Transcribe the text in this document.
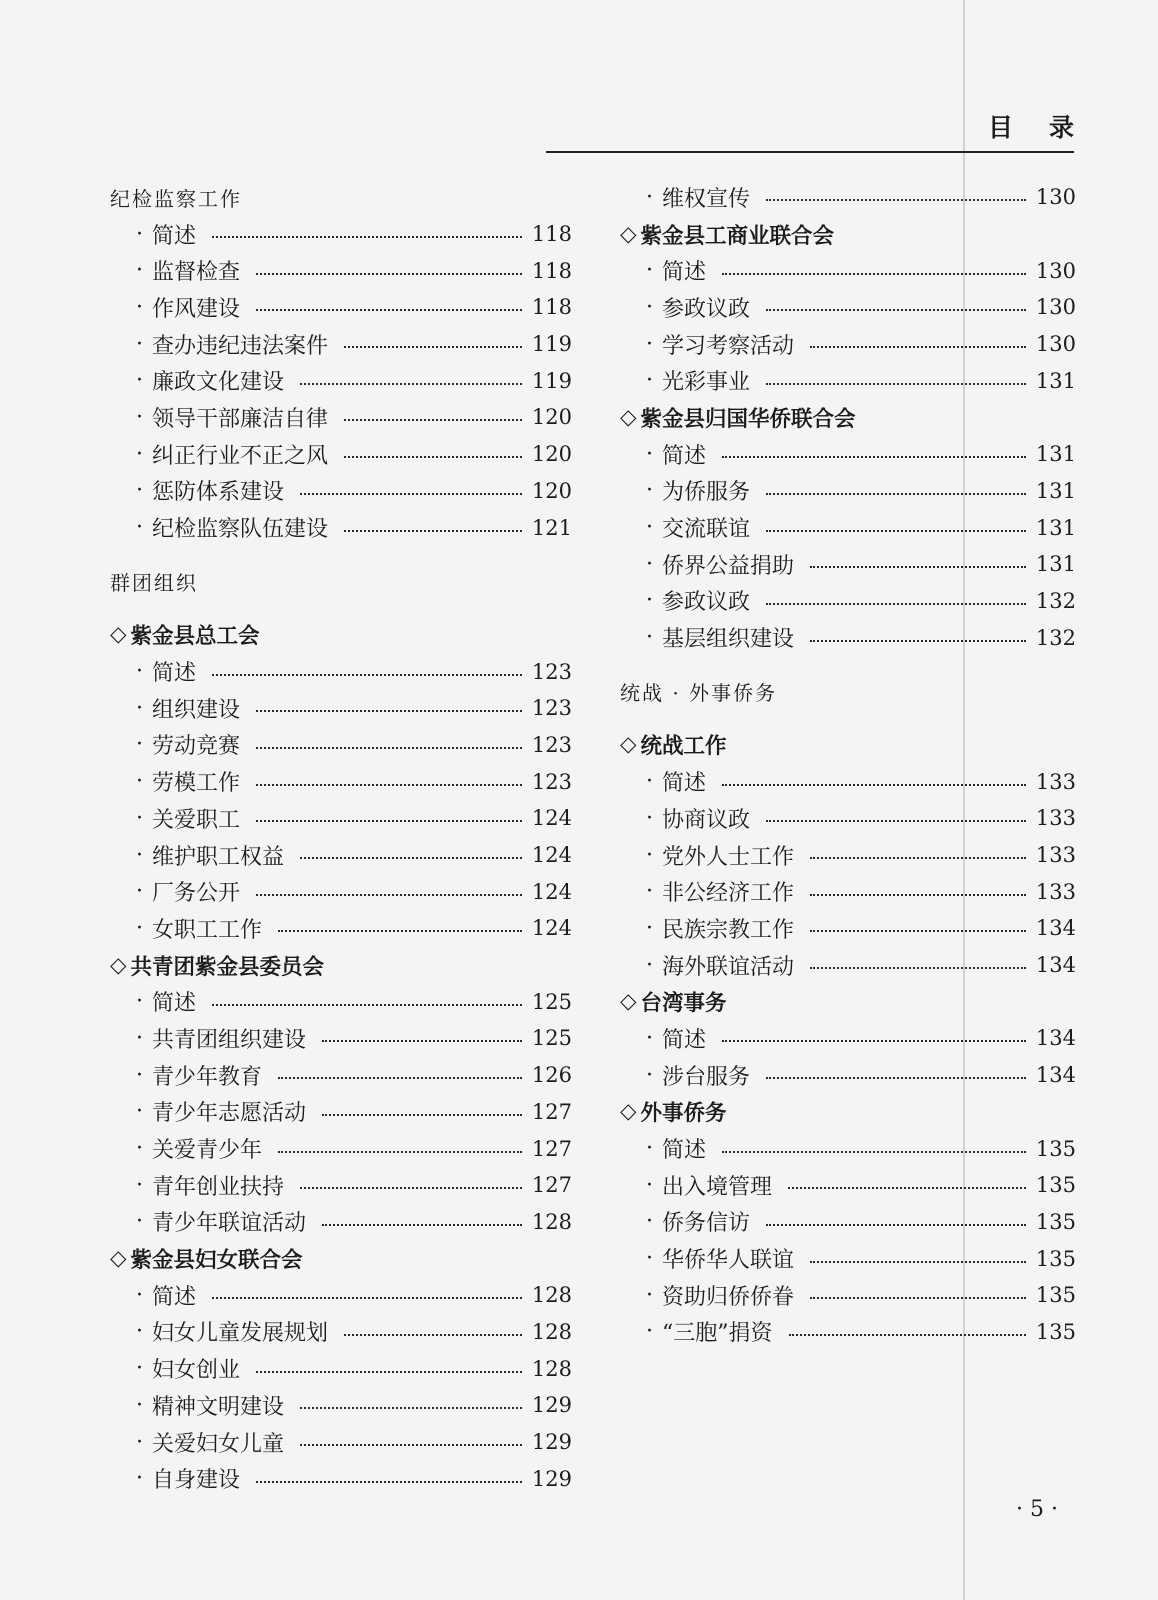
目 录
纪检监察工作
· 简述	118
· 监督检查	118
· 作风建设	118
· 查办违纪违法案件	119
· 廉政文化建设	119
· 领导干部廉洁自律	120
· 纠正行业不正之风	120
· 惩防体系建设	120
· 纪检监察队伍建设	121
群团组织
◇ 紫金县总工会
· 简述	123
· 组织建设	123
· 劳动竞赛	123
· 劳模工作	123
· 关爱职工	124
· 维护职工权益	124
· 厂务公开	124
· 女职工工作	124
◇ 共青团紫金县委员会
· 简述	125
· 共青团组织建设	125
· 青少年教育	126
· 青少年志愿活动	127
· 关爱青少年	127
· 青年创业扶持	127
· 青少年联谊活动	128
◇ 紫金县妇女联合会
· 简述	128
· 妇女儿童发展规划	128
· 妇女创业	128
· 精神文明建设	129
· 关爱妇女儿童	129
· 自身建设	129
· 维权宣传	130
◇ 紫金县工商业联合会
· 简述	130
· 参政议政	130
· 学习考察活动	130
· 光彩事业	131
◇ 紫金县归国华侨联合会
· 简述	131
· 为侨服务	131
· 交流联谊	131
· 侨界公益捐助	131
· 参政议政	132
· 基层组织建设	132
统战 · 外事侨务
◇ 统战工作
· 简述	133
· 协商议政	133
· 党外人士工作	133
· 非公经济工作	133
· 民族宗教工作	134
· 海外联谊活动	134
◇ 台湾事务
· 简述	134
· 涉台服务	134
◇ 外事侨务
· 简述	135
· 出入境管理	135
· 侨务信访	135
· 华侨华人联谊	135
· 资助归侨侨眷	135
· “三胞”捐资	135
· 5 ·
